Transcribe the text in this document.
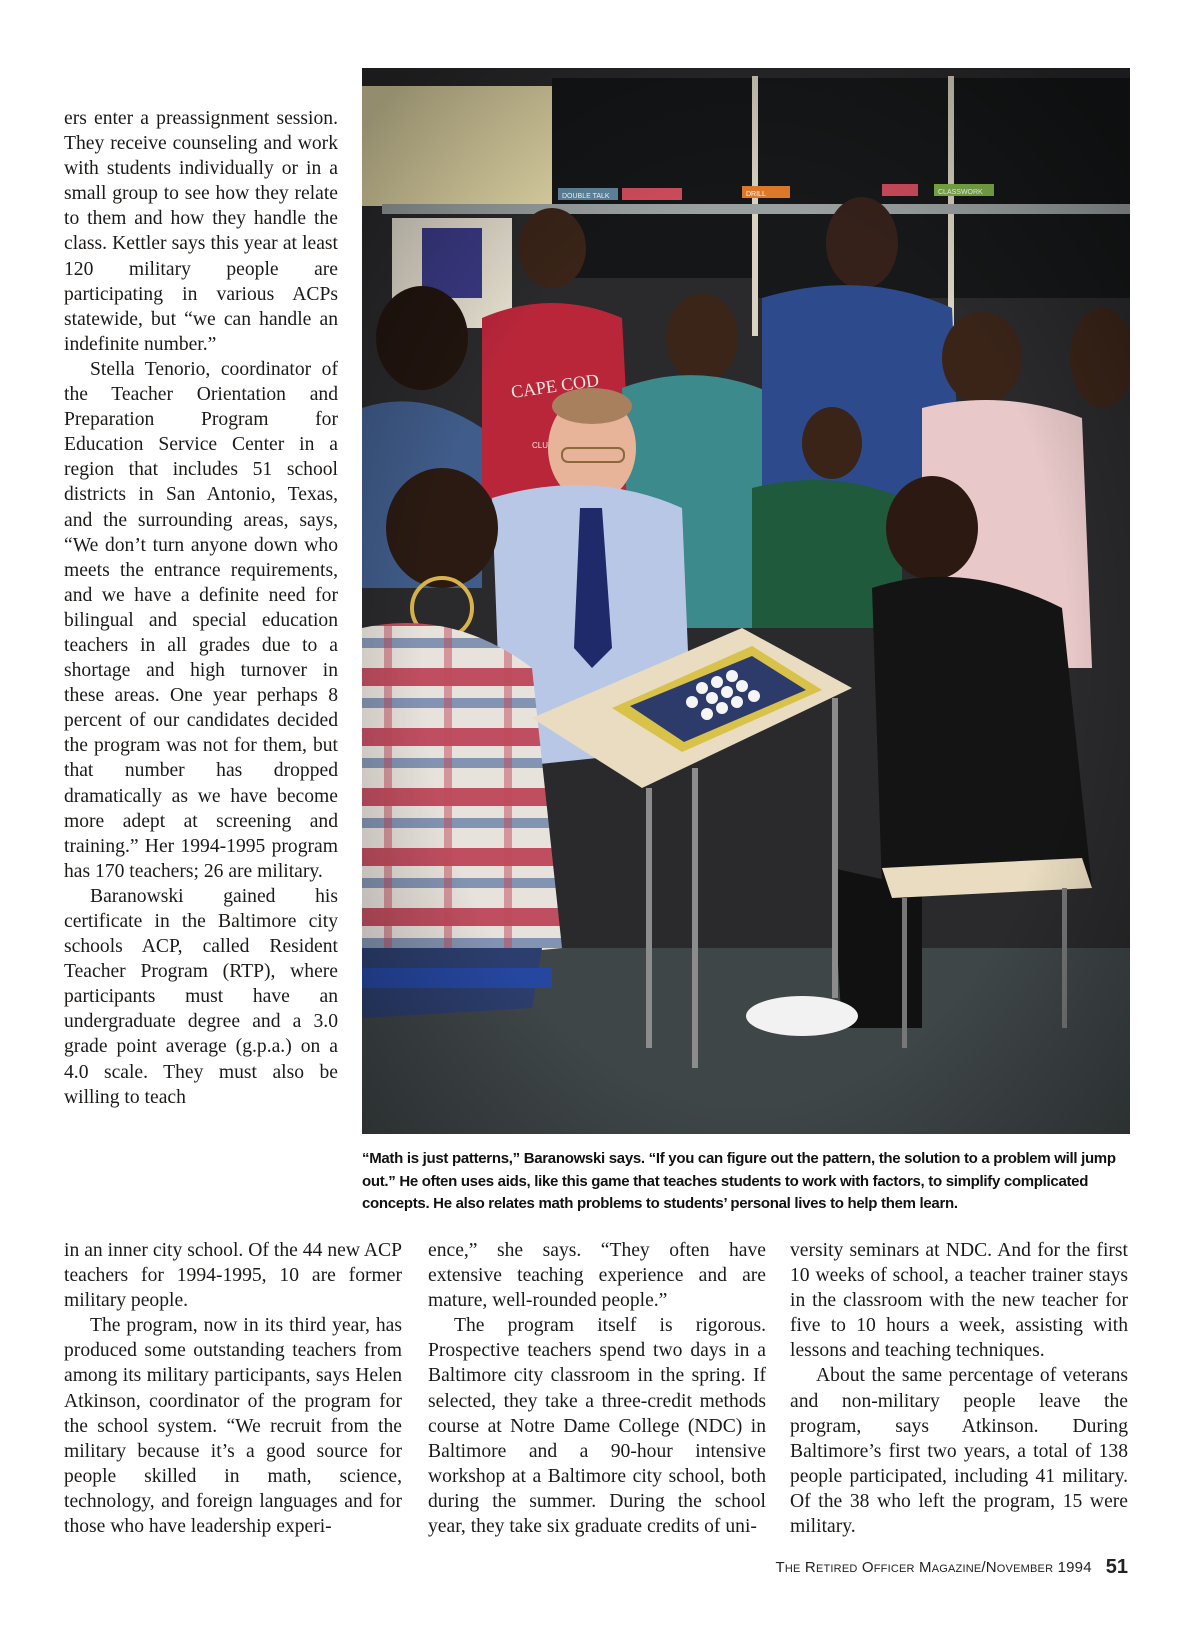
ers enter a preassignment session. They receive counseling and work with students individually or in a small group to see how they relate to them and how they handle the class. Kettler says this year at least 120 military people are participating in various ACPs statewide, but “we can handle an indefinite number.”

Stella Tenorio, coordinator of the Teacher Orientation and Preparation Program for Education Service Center in a region that includes 51 school districts in San Antonio, Texas, and the surrounding areas, says, “We don’t turn anyone down who meets the entrance requirements, and we have a definite need for bilingual and special education teachers in all grades due to a shortage and high turnover in these areas. One year perhaps 8 percent of our candidates decided the program was not for them, but that number has dropped dramatically as we have become more adept at screening and training.” Her 1994-1995 program has 170 teachers; 26 are military.

Baranowski gained his certificate in the Baltimore city schools ACP, called Resident Teacher Program (RTP), where participants must have an undergraduate degree and a 3.0 grade point average (g.p.a.) on a 4.0 scale. They must also be willing to teach

in an inner city school. Of the 44 new ACP teachers for 1994-1995, 10 are former military people.

The program, now in its third year, has produced some outstanding teachers from among its military participants, says Helen Atkinson, coordinator of the program for the school system. “We recruit from the military because it’s a good source for people skilled in math, science, technology, and foreign languages and for those who have leadership experi-

ence,” she says. “They often have extensive teaching experience and are mature, well-rounded people.”

The program itself is rigorous. Prospective teachers spend two days in a Baltimore city classroom in the spring. If selected, they take a three-credit methods course at Notre Dame College (NDC) in Baltimore and a 90-hour intensive workshop at a Baltimore city school, both during the summer. During the school year, they take six graduate credits of uni-

versity seminars at NDC. And for the first 10 weeks of school, a teacher trainer stays in the classroom with the new teacher for five to 10 hours a week, assisting with lessons and teaching techniques.

About the same percentage of veterans and non-military people leave the program, says Atkinson. During Baltimore’s first two years, a total of 138 people participated, including 41 military. Of the 38 who left the program, 15 were military.

“Math is just patterns,” Baranowski says. “If you can figure out the pattern, the solution to a problem will jump out.” He often uses aids, like this game that teaches students to work with factors, to simplify complicated concepts. He also relates math problems to students’ personal lives to help them learn.
The Retired Officer Magazine/November 1994 51
